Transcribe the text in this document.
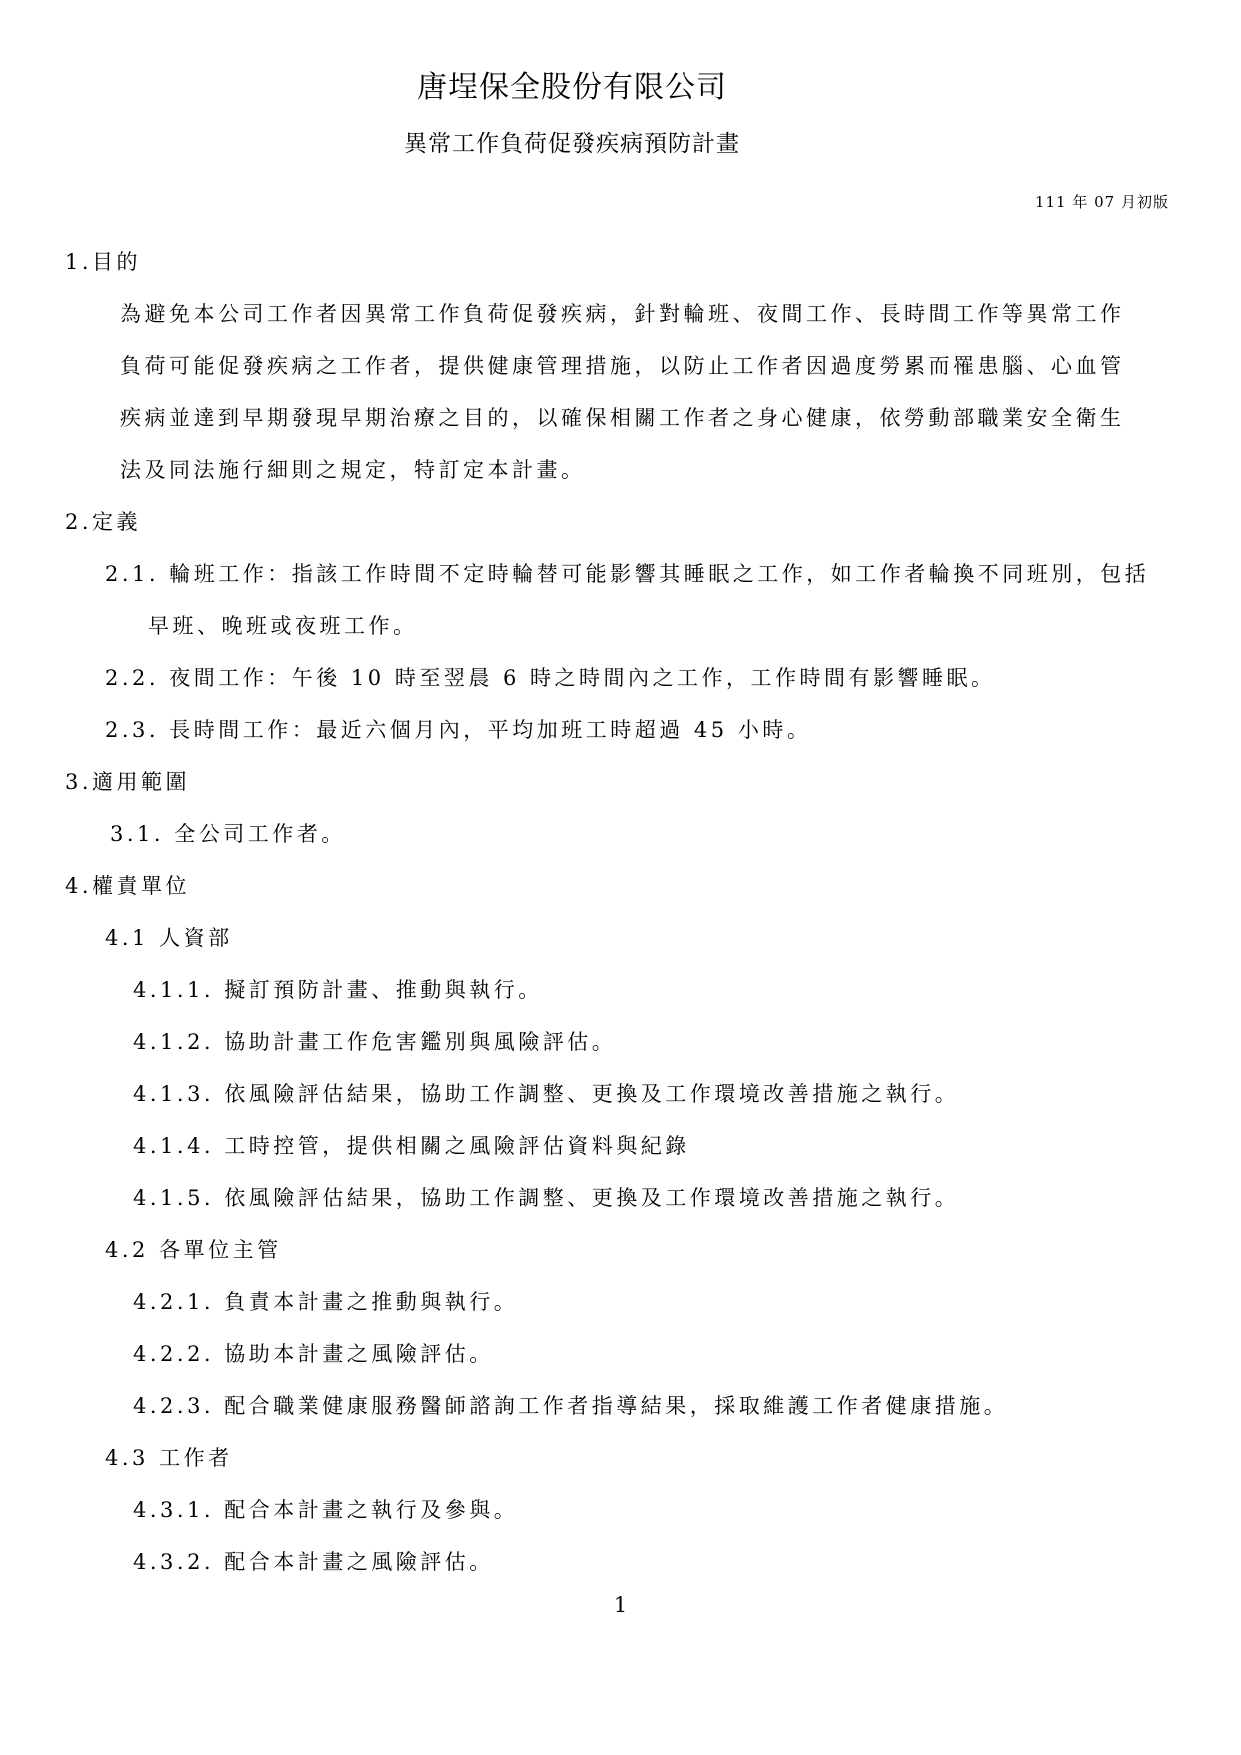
唐埕保全股份有限公司
異常工作負荷促發疾病預防計畫
111 年 07 月初版
1.目的
為避免本公司工作者因異常工作負荷促發疾病，針對輪班、夜間工作、長時間工作等異常工作
負荷可能促發疾病之工作者，提供健康管理措施，以防止工作者因過度勞累而罹患腦、心血管
疾病並達到早期發現早期治療之目的，以確保相關工作者之身心健康，依勞動部職業安全衛生
法及同法施行細則之規定，特訂定本計畫。
2.定義
2.1. 輪班工作：指該工作時間不定時輪替可能影響其睡眠之工作，如工作者輪換不同班別，包括
早班、晚班或夜班工作。
2.2. 夜間工作：午後 10 時至翌晨 6 時之時間內之工作，工作時間有影響睡眠。
2.3. 長時間工作：最近六個月內，平均加班工時超過 45 小時。
3.適用範圍
3.1. 全公司工作者。
4.權責單位
4.1 人資部
4.1.1. 擬訂預防計畫、推動與執行。
4.1.2. 協助計畫工作危害鑑別與風險評估。
4.1.3. 依風險評估結果，協助工作調整、更換及工作環境改善措施之執行。
4.1.4. 工時控管，提供相關之風險評估資料與紀錄
4.1.5. 依風險評估結果，協助工作調整、更換及工作環境改善措施之執行。
4.2 各單位主管
4.2.1. 負責本計畫之推動與執行。
4.2.2. 協助本計畫之風險評估。
4.2.3. 配合職業健康服務醫師諮詢工作者指導結果，採取維護工作者健康措施。
4.3 工作者
4.3.1. 配合本計畫之執行及參與。
4.3.2. 配合本計畫之風險評估。
1
